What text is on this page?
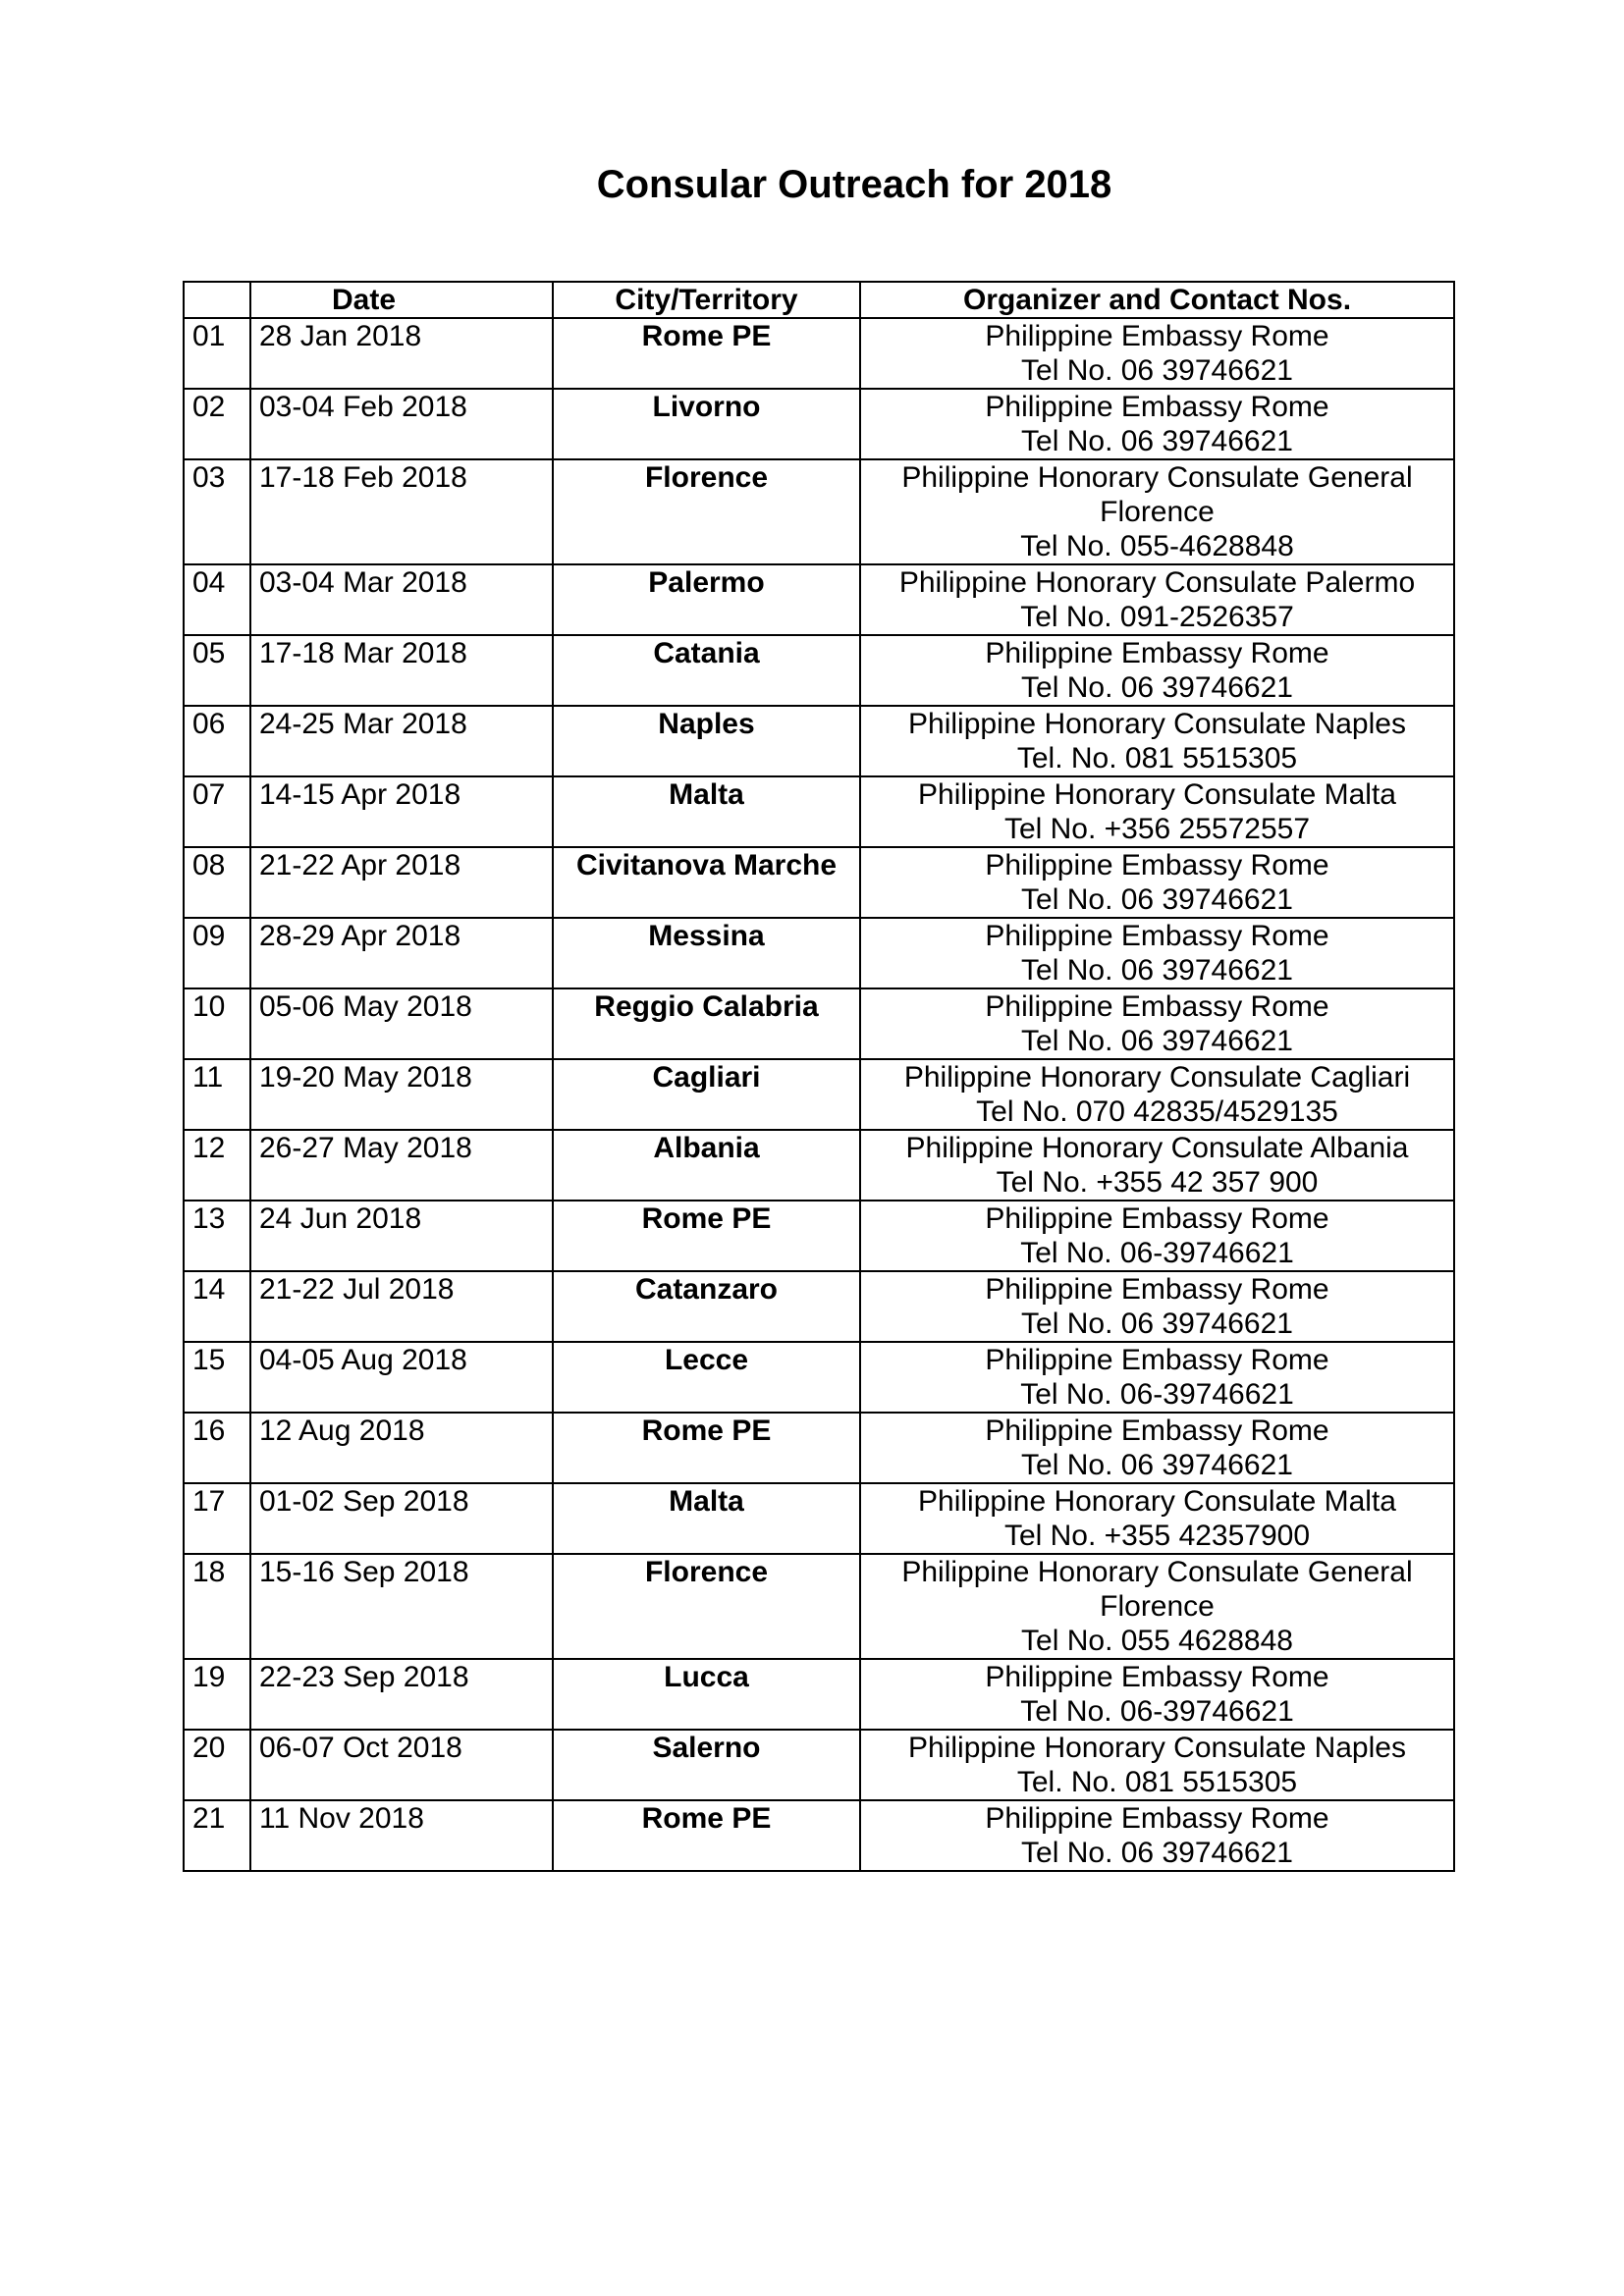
Consular Outreach for 2018
	Date	City/Territory	Organizer and Contact Nos.
01	28 Jan 2018	Rome PE	Philippine Embassy Rome
Tel No. 06 39746621

02	03-04 Feb 2018	Livorno	Philippine Embassy Rome
Tel No. 06 39746621

03	17-18 Feb 2018	Florence	Philippine Honorary Consulate General
Florence
Tel No. 055-4628848

04	03-04 Mar 2018	Palermo	Philippine Honorary Consulate Palermo
Tel No. 091-2526357

05	17-18 Mar 2018	Catania	Philippine Embassy Rome
Tel No. 06 39746621

06	24-25 Mar 2018	Naples	Philippine Honorary Consulate Naples
Tel. No. 081 5515305

07	14-15 Apr 2018	Malta	Philippine Honorary Consulate Malta
Tel No. +356 25572557

08	21-22 Apr 2018	Civitanova Marche	Philippine Embassy Rome
Tel No. 06 39746621

09	28-29 Apr 2018	Messina	Philippine Embassy Rome
Tel No. 06 39746621

10	05-06 May 2018	Reggio Calabria	Philippine Embassy Rome
Tel No. 06 39746621

11	19-20 May 2018	Cagliari	Philippine Honorary Consulate Cagliari
Tel No. 070 42835/4529135

12	26-27 May 2018	Albania	Philippine Honorary Consulate Albania
Tel No. +355 42 357 900

13	24 Jun 2018	Rome PE	Philippine Embassy Rome
Tel No. 06-39746621

14	21-22 Jul 2018	Catanzaro	Philippine Embassy Rome
Tel No. 06 39746621

15	04-05 Aug 2018	Lecce	Philippine Embassy Rome
Tel No. 06-39746621

16	12 Aug 2018	Rome PE	Philippine Embassy Rome
Tel No. 06 39746621

17	01-02 Sep 2018	Malta	Philippine Honorary Consulate Malta
Tel No. +355 42357900

18	15-16 Sep 2018	Florence	Philippine Honorary Consulate General
Florence
Tel No. 055 4628848

19	22-23 Sep 2018	Lucca	Philippine Embassy Rome
Tel No. 06-39746621

20	06-07 Oct 2018	Salerno	Philippine Honorary Consulate Naples
Tel. No. 081 5515305

21	11 Nov 2018	Rome PE	Philippine Embassy Rome
Tel No. 06 39746621
